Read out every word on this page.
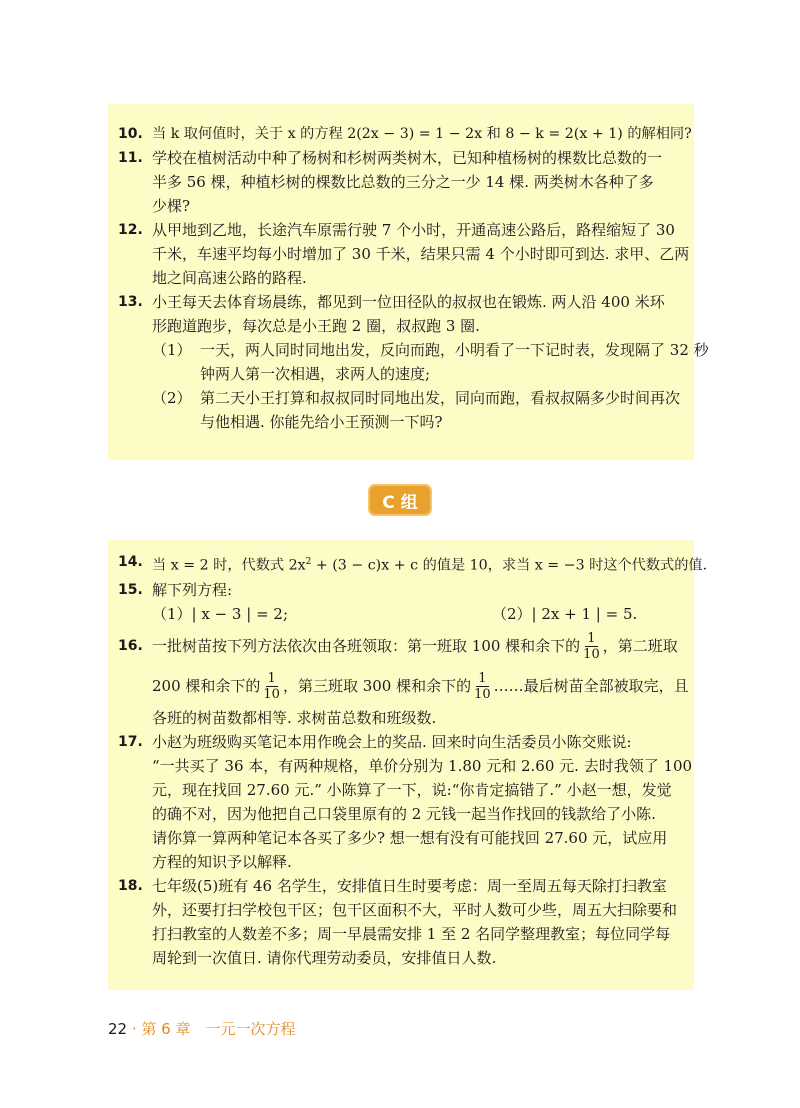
10. 当 k 取何值时，关于 x 的方程 2(2x − 3) = 1 − 2x 和 8 − k = 2(x + 1) 的解相同?
11. 学校在植树活动中种了杨树和杉树两类树木，已知种植杨树的棵数比总数的一
半多 56 棵，种植杉树的棵数比总数的三分之一少 14 棵. 两类树木各种了多
少棵?
12. 从甲地到乙地，长途汽车原需行驶 7 个小时，开通高速公路后，路程缩短了 30
千米，车速平均每小时增加了 30 千米，结果只需 4 个小时即可到达. 求甲、乙两
地之间高速公路的路程.
13. 小王每天去体育场晨练，都见到一位田径队的叔叔也在锻炼. 两人沿 400 米环
形跑道跑步，每次总是小王跑 2 圈，叔叔跑 3 圈.
（1） 一天，两人同时同地出发，反向而跑，小明看了一下记时表，发现隔了 32 秒
钟两人第一次相遇，求两人的速度;
（2） 第二天小王打算和叔叔同时同地出发，同向而跑，看叔叔隔多少时间再次
与他相遇. 你能先给小王预测一下吗?
C 组
14. 当 x = 2 时，代数式 $2x^2 + (3 - c)x + c$ 的值是 10，求当 x = −3 时这个代数式的值.
15. 解下列方程:
（1）| x − 3 | = 2;	（2）| 2x + 1 | = 5.
16. 一批树苗按下列方法依次由各班领取：第一班取 100 棵和余下的 $\frac{1}{10}$ ，第二班取
200 棵和余下的 $\frac{1}{10}$ ，第三班取 300 棵和余下的 $\frac{1}{10}$ ……最后树苗全部被取完，且
各班的树苗数都相等. 求树苗总数和班级数.
17. 小赵为班级购买笔记本用作晚会上的奖品. 回来时向生活委员小陈交账说:
“一共买了 36 本，有两种规格，单价分别为 1.80 元和 2.60 元. 去时我领了 100
元，现在找回 27.60 元.” 小陈算了一下，说:“你肯定搞错了.” 小赵一想，发觉
的确不对，因为他把自己口袋里原有的 2 元钱一起当作找回的钱款给了小陈.
请你算一算两种笔记本各买了多少? 想一想有没有可能找回 27.60 元，试应用
方程的知识予以解释.
18. 七年级(5)班有 46 名学生，安排值日生时要考虑：周一至周五每天除打扫教室
外，还要打扫学校包干区；包干区面积不大，平时人数可少些，周五大扫除要和
打扫教室的人数差不多；周一早晨需安排 1 至 2 名同学整理教室；每位同学每
周轮到一次值日. 请你代理劳动委员，安排值日人数.
22 · 第 6 章　一元一次方程
